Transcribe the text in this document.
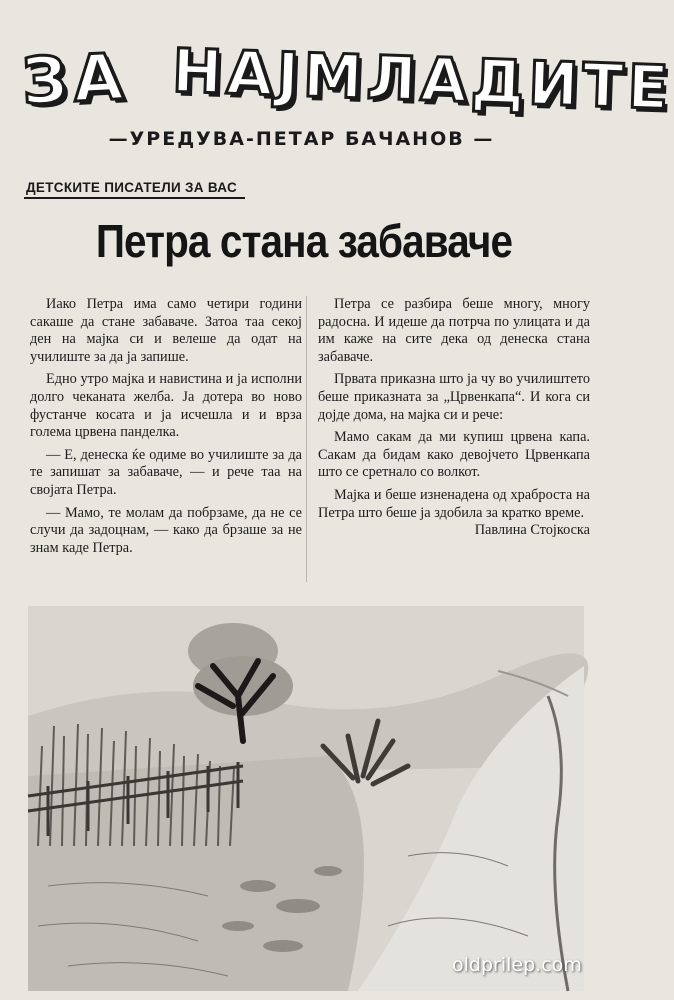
ЗА НАЈМЛАДИТЕ
—УРЕДУВА-ПЕТАР БАЧАНОВ —
ДЕТСКИТЕ ПИСАТЕЛИ ЗА ВАС
Петра стана забаваче

Иако Петра има само четири години сакаше да стане забаваче. Затоа таа секој ден на мајка си и велеше да одат на училиште за да ја запише.

Едно утро мајка и навистина и ја исполни долго чеканата желба. Ја дотера во ново фустанче косата и ја исчешла и и врза голема црвена панделка.

— Е, денеска ќе одиме во училиште за да те запишат за забаваче, — и рече таа на својата Петра.

— Мамо, те молам да побрзаме, да не се случи да задоцнам, — како да брзаше за не знам каде Петра.

Петра се разбира беше многу, многу радосна. И идеше да потрча по улицата и да им каже на сите дека од денеска стана забаваче.

Првата приказна што ја чу во училиштето беше приказната за „Црвенкапа“. И кога си дојде дома, на мајка си и рече:

Мамо сакам да ми купиш црвена капа. Сакам да бидам како девојчето Црвенкапа што се сретнало со волкот.

Мајка и беше изненадена од храброста на Петра што беше ја здобила за кратко време.

Павлина Стојкоска

oldprilep.com
